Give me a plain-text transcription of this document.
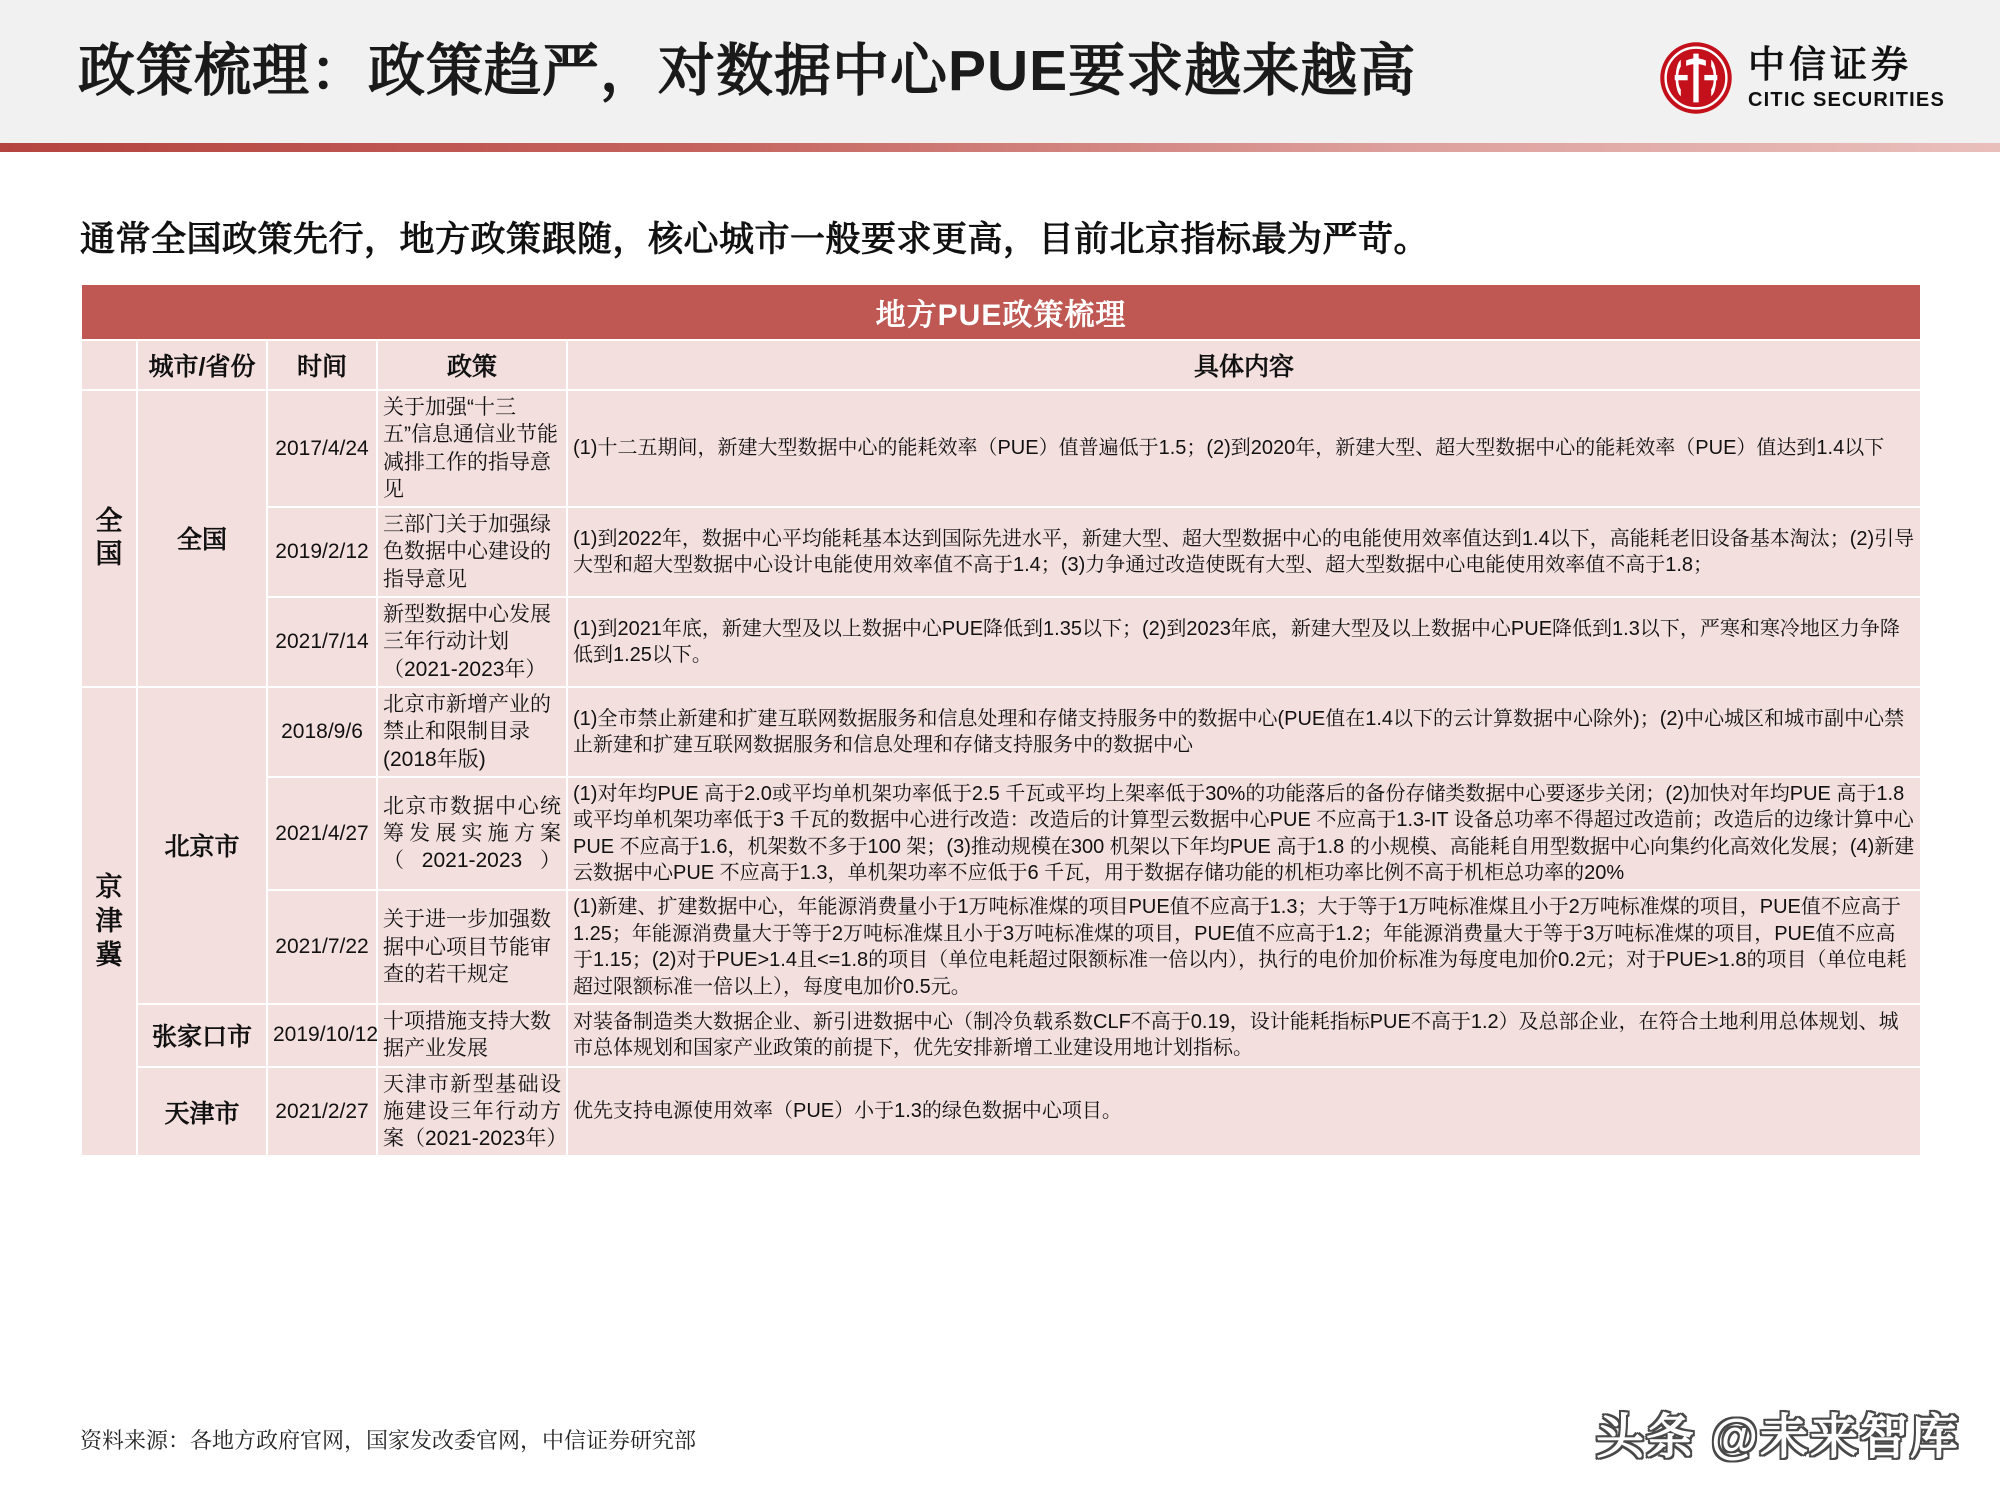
政策梳理：政策趋严，对数据中心PUE要求越来越高	中信证券
CITIC SECURITIES
通常全国政策先行，地方政策跟随，核心城市一般要求更高，目前北京指标最为严苛。
地方PUE政策梳理				
	城市/省份	时间	政策	具体内容
全国	全国	2017/4/24	关于加强“十三五”信息通信业节能减排工作的指导意见	(1)十二五期间，新建大型数据中心的能耗效率（PUE）值普遍低于1.5；(2)到2020年，新建大型、超大型数据中心的能耗效率（PUE）值达到1.4以下
		2019/2/12	三部门关于加强绿色数据中心建设的指导意见	(1)到2022年，数据中心平均能耗基本达到国际先进水平，新建大型、超大型数据中心的电能使用效率值达到1.4以下，高能耗老旧设备基本淘汰；(2)引导大型和超大型数据中心设计电能使用效率值不高于1.4；(3)力争通过改造使既有大型、超大型数据中心电能使用效率值不高于1.8；
		2021/7/14	新型数据中心发展三年行动计划（2021-2023年）	(1)到2021年底，新建大型及以上数据中心PUE降低到1.35以下；(2)到2023年底，新建大型及以上数据中心PUE降低到1.3以下，严寒和寒冷地区力争降低到1.25以下。
京津冀	北京市	2018/9/6	北京市新增产业的禁止和限制目录(2018年版)	(1)全市禁止新建和扩建互联网数据服务和信息处理和存储支持服务中的数据中心(PUE值在1.4以下的云计算数据中心除外)；(2)中心城区和城市副中心禁止新建和扩建互联网数据服务和信息处理和存储支持服务中的数据中心
		2021/4/27	北京市数据中心统筹发展实施方案（2021-2023）	(1)对年均PUE 高于2.0或平均单机架功率低于2.5 千瓦或平均上架率低于30%的功能落后的备份存储类数据中心要逐步关闭；(2)加快对年均PUE 高于1.8或平均单机架功率低于3 千瓦的数据中心进行改造：改造后的计算型云数据中心PUE 不应高于1.3-IT 设备总功率不得超过改造前；改造后的边缘计算中心PUE 不应高于1.6，机架数不多于100 架；(3)推动规模在300 机架以下年均PUE 高于1.8 的小规模、高能耗自用型数据中心向集约化高效化发展；(4)新建云数据中心PUE 不应高于1.3，单机架功率不应低于6 千瓦，用于数据存储功能的机柜功率比例不高于机柜总功率的20%
		2021/7/22	关于进一步加强数据中心项目节能审查的若干规定	(1)新建、扩建数据中心，年能源消费量小于1万吨标准煤的项目PUE值不应高于1.3；大于等于1万吨标准煤且小于2万吨标准煤的项目，PUE值不应高于1.25；年能源消费量大于等于2万吨标准煤且小于3万吨标准煤的项目，PUE值不应高于1.2；年能源消费量大于等于3万吨标准煤的项目，PUE值不应高于1.15；(2)对于PUE>1.4且<=1.8的项目（单位电耗超过限额标准一倍以内），执行的电价加价标准为每度电加价0.2元；对于PUE>1.8的项目（单位电耗超过限额标准一倍以上），每度电加价0.5元。
	张家口市	2019/10/12	十项措施支持大数据产业发展	对装备制造类大数据企业、新引进数据中心（制冷负载系数CLF不高于0.19，设计能耗指标PUE不高于1.2）及总部企业，在符合土地利用总体规划、城市总体规划和国家产业政策的前提下，优先安排新增工业建设用地计划指标。
	天津市	2021/2/27	天津市新型基础设施建设三年行动方案（2021-2023年）	优先支持电源使用效率（PUE）小于1.3的绿色数据中心项目。
资料来源：各地方政府官网，国家发改委官网，中信证券研究部	头条 @未来智库
